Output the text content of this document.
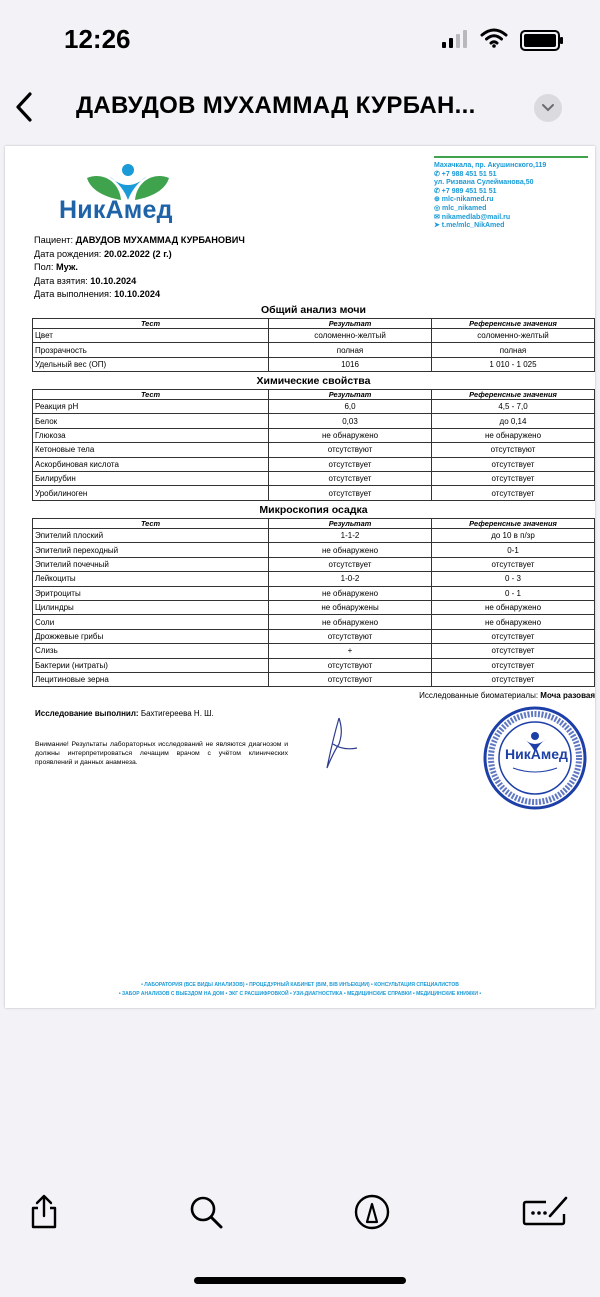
12:26
ДАВУДОВ МУХАММАД КУРБАН...
НикАмед
Махачкала, пр. Акушинского,119
✆ +7 988 451 51 51
ул. Ризвана Сулейманова,50
✆ +7 989 451 51 51
⊕ mlc-nikamed.ru
◎ mlc_nikamed
✉ nikamedlab@mail.ru
➤ t.me/mlc_NikAmed
Пациент: ДАВУДОВ МУХАММАД КУРБАНОВИЧ
Дата рождения: 20.02.2022 (2 г.)
Пол: Муж.
Дата взятия: 10.10.2024
Дата выполнения: 10.10.2024
Общий анализ мочи
Тест	Результат	Референсные значения
Цвет	соломенно-желтый	соломенно-желтый
Прозрачность	полная	полная
Удельный вес (ОП)	1016	1 010 - 1 025
Химические свойства
Тест	Результат	Референсные значения
Реакция pH	6,0	4,5 - 7,0
Белок	0,03	до 0,14
Глюкоза	не обнаружено	не обнаружено
Кетоновые тела	отсутствуют	отсутствуют
Аскорбиновая кислота	отсутствует	отсутствует
Билирубин	отсутствует	отсутствует
Уробилиноген	отсутствует	отсутствует
Микроскопия осадка
Тест	Результат	Референсные значения
Эпителий плоский	1-1-2	до 10 в п/зр
Эпителий переходный	не обнаружено	0-1
Эпителий почечный	отсутствует	отсутствует
Лейкоциты	1-0-2	0 - 3
Эритроциты	не обнаружено	0 - 1
Цилиндры	не обнаружены	не обнаружено
Соли	не обнаружено	не обнаружено
Дрожжевые грибы	отсутствуют	отсутствует
Слизь	+	отсутствует
Бактерии (нитраты)	отсутствуют	отсутствует
Лецитиновые зерна	отсутствуют	отсутствует
Исследованные биоматериалы: Моча разовая
Исследование выполнил: Бахтигереева Н. Ш.
Внимание! Результаты лабораторных исследований не являются диагнозом и должны интерпретироваться лечащим врачом с учётом клинических проявлений и данных анамнеза.
НикАмед
• ЛАБОРАТОРИЯ (ВСЕ ВИДЫ АНАЛИЗОВ) • ПРОЦЕДУРНЫЙ КАБИНЕТ (В/М, В/В ИНЪЕКЦИИ) • КОНСУЛЬТАЦИЯ СПЕЦИАЛИСТОВ
• ЗАБОР АНАЛИЗОВ С ВЫЕЗДОМ НА ДОМ • ЭКГ С РАСШИФРОВКОЙ • УЗИ-ДИАГНОСТИКА • МЕДИЦИНСКИЕ СПРАВКИ • МЕДИЦИНСКИЕ КНИЖКИ •
